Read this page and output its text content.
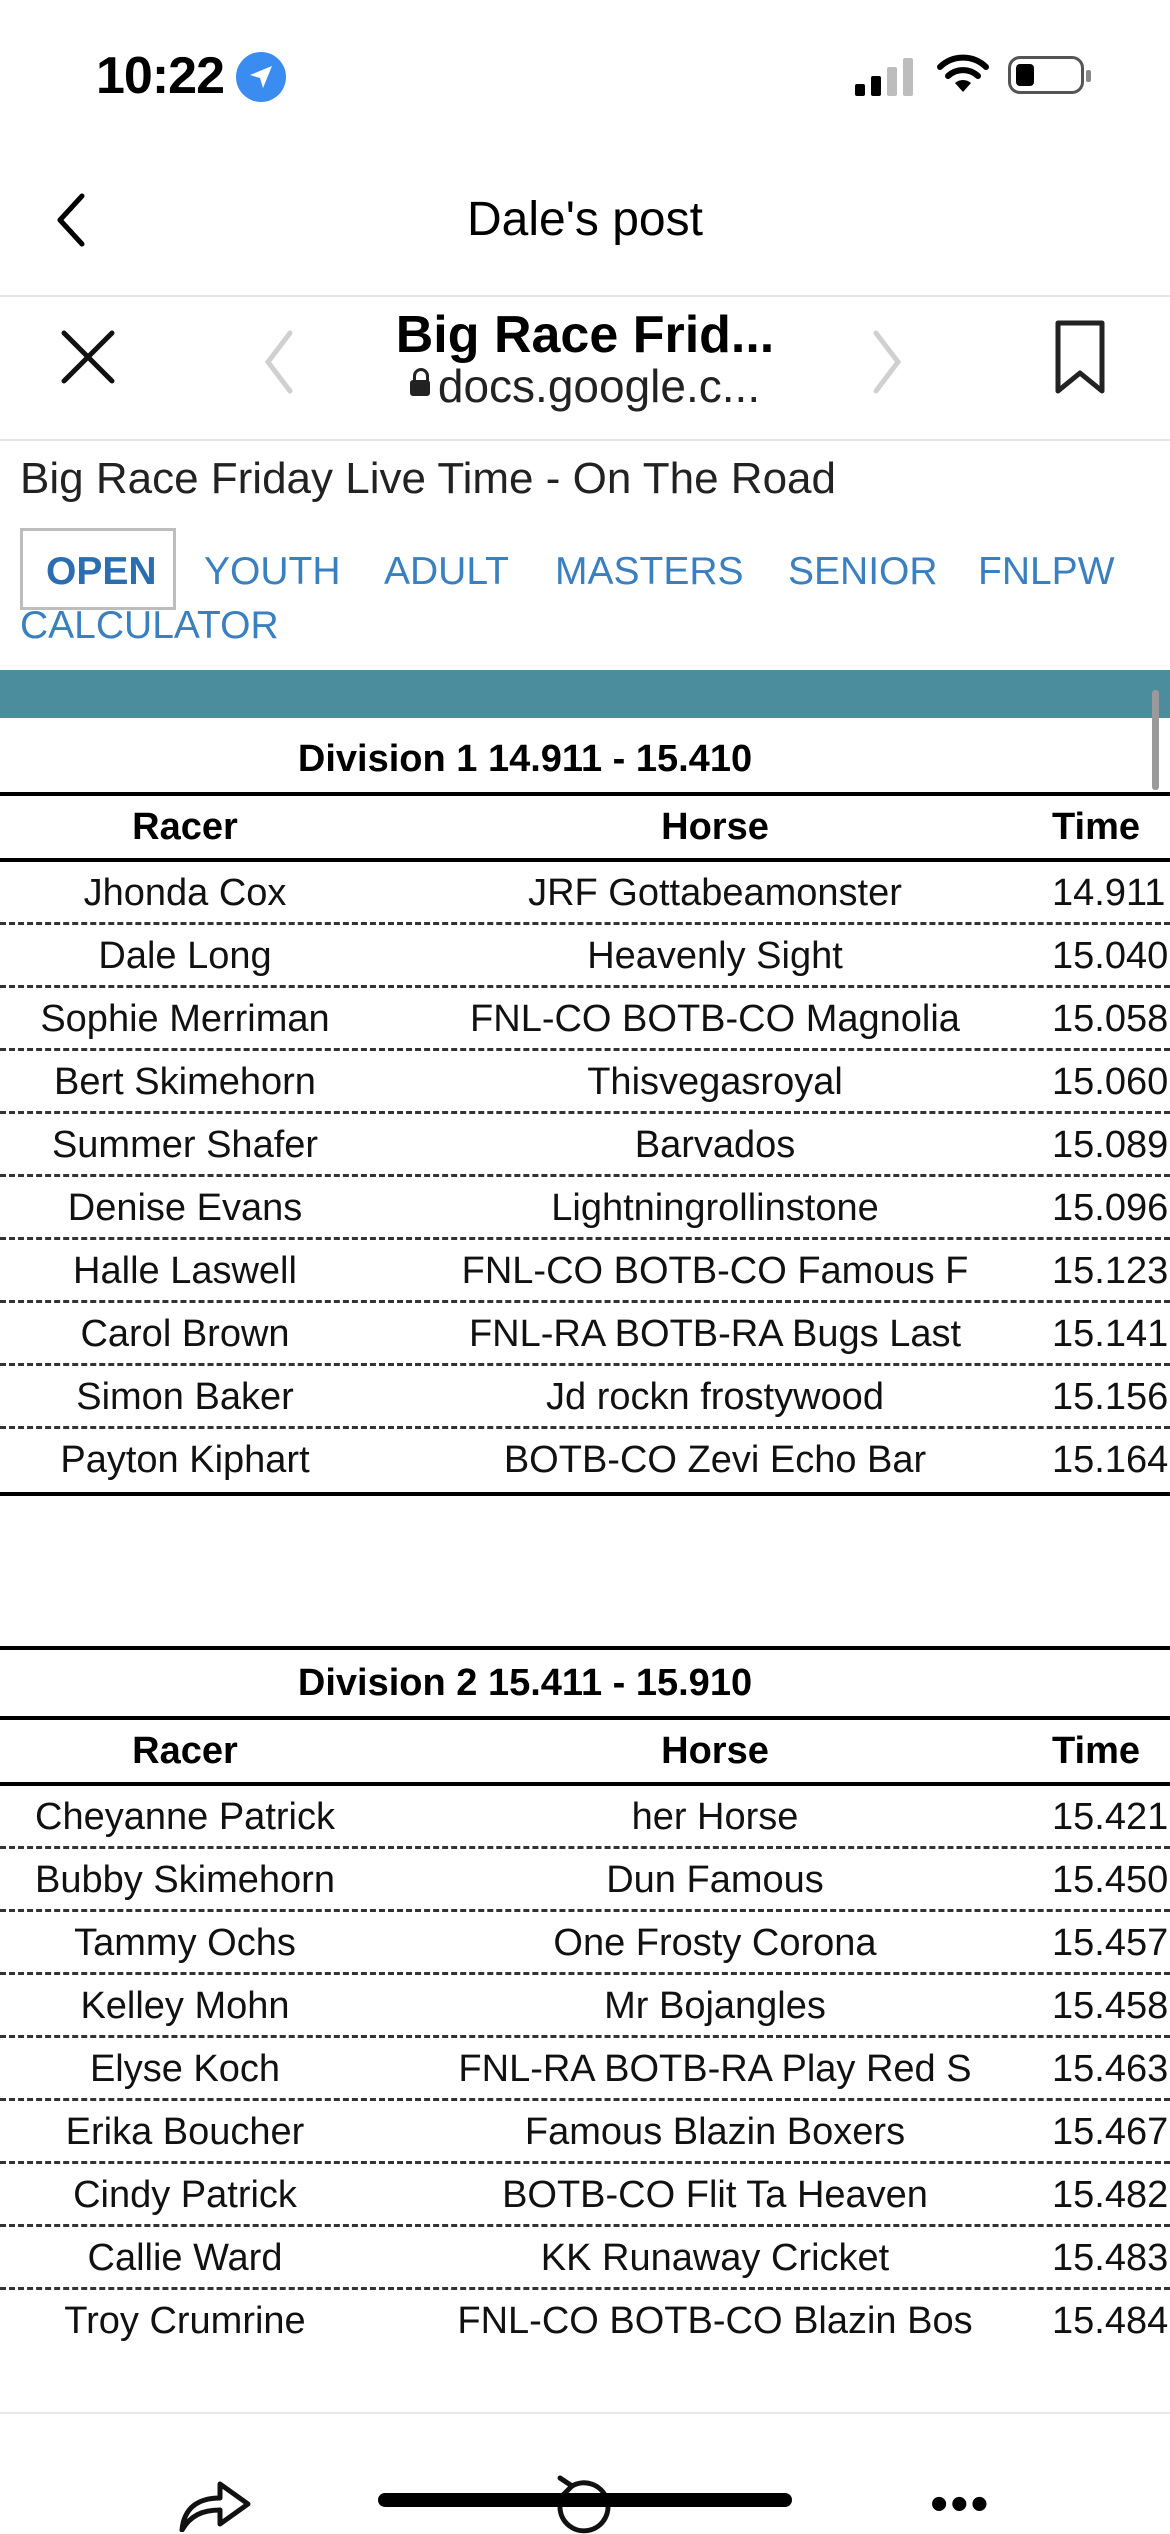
10:22
Dale's post
Big Race Frid...
docs.google.c...
Big Race Friday Live Time - On The Road
OPEN YOUTH ADULT MASTERS SENIOR FNLPW
CALCULATOR
Division 1 14.911 - 15.410
Racer	Horse	Time
Jhonda Cox	JRF Gottabeamonster	14.911
Dale Long	Heavenly Sight	15.040
Sophie Merriman	FNL-CO BOTB-CO Magnolia	15.058
Bert Skimehorn	Thisvegasroyal	15.060
Summer Shafer	Barvados	15.089
Denise Evans	Lightningrollinstone	15.096
Halle Laswell	FNL-CO BOTB-CO Famous F	15.123
Carol Brown	FNL-RA BOTB-RA Bugs Last	15.141
Simon Baker	Jd rockn frostywood	15.156
Payton Kiphart	BOTB-CO Zevi Echo Bar	15.164
Division 2 15.411 - 15.910
Racer	Horse	Time
Cheyanne Patrick	her Horse	15.421
Bubby Skimehorn	Dun Famous	15.450
Tammy Ochs	One Frosty Corona	15.457
Kelley Mohn	Mr Bojangles	15.458
Elyse Koch	FNL-RA BOTB-RA Play Red S	15.463
Erika Boucher	Famous Blazin Boxers	15.467
Cindy Patrick	BOTB-CO Flit Ta Heaven	15.482
Callie Ward	KK Runaway Cricket	15.483
Troy Crumrine	FNL-CO BOTB-CO Blazin Bos	15.484
•••
